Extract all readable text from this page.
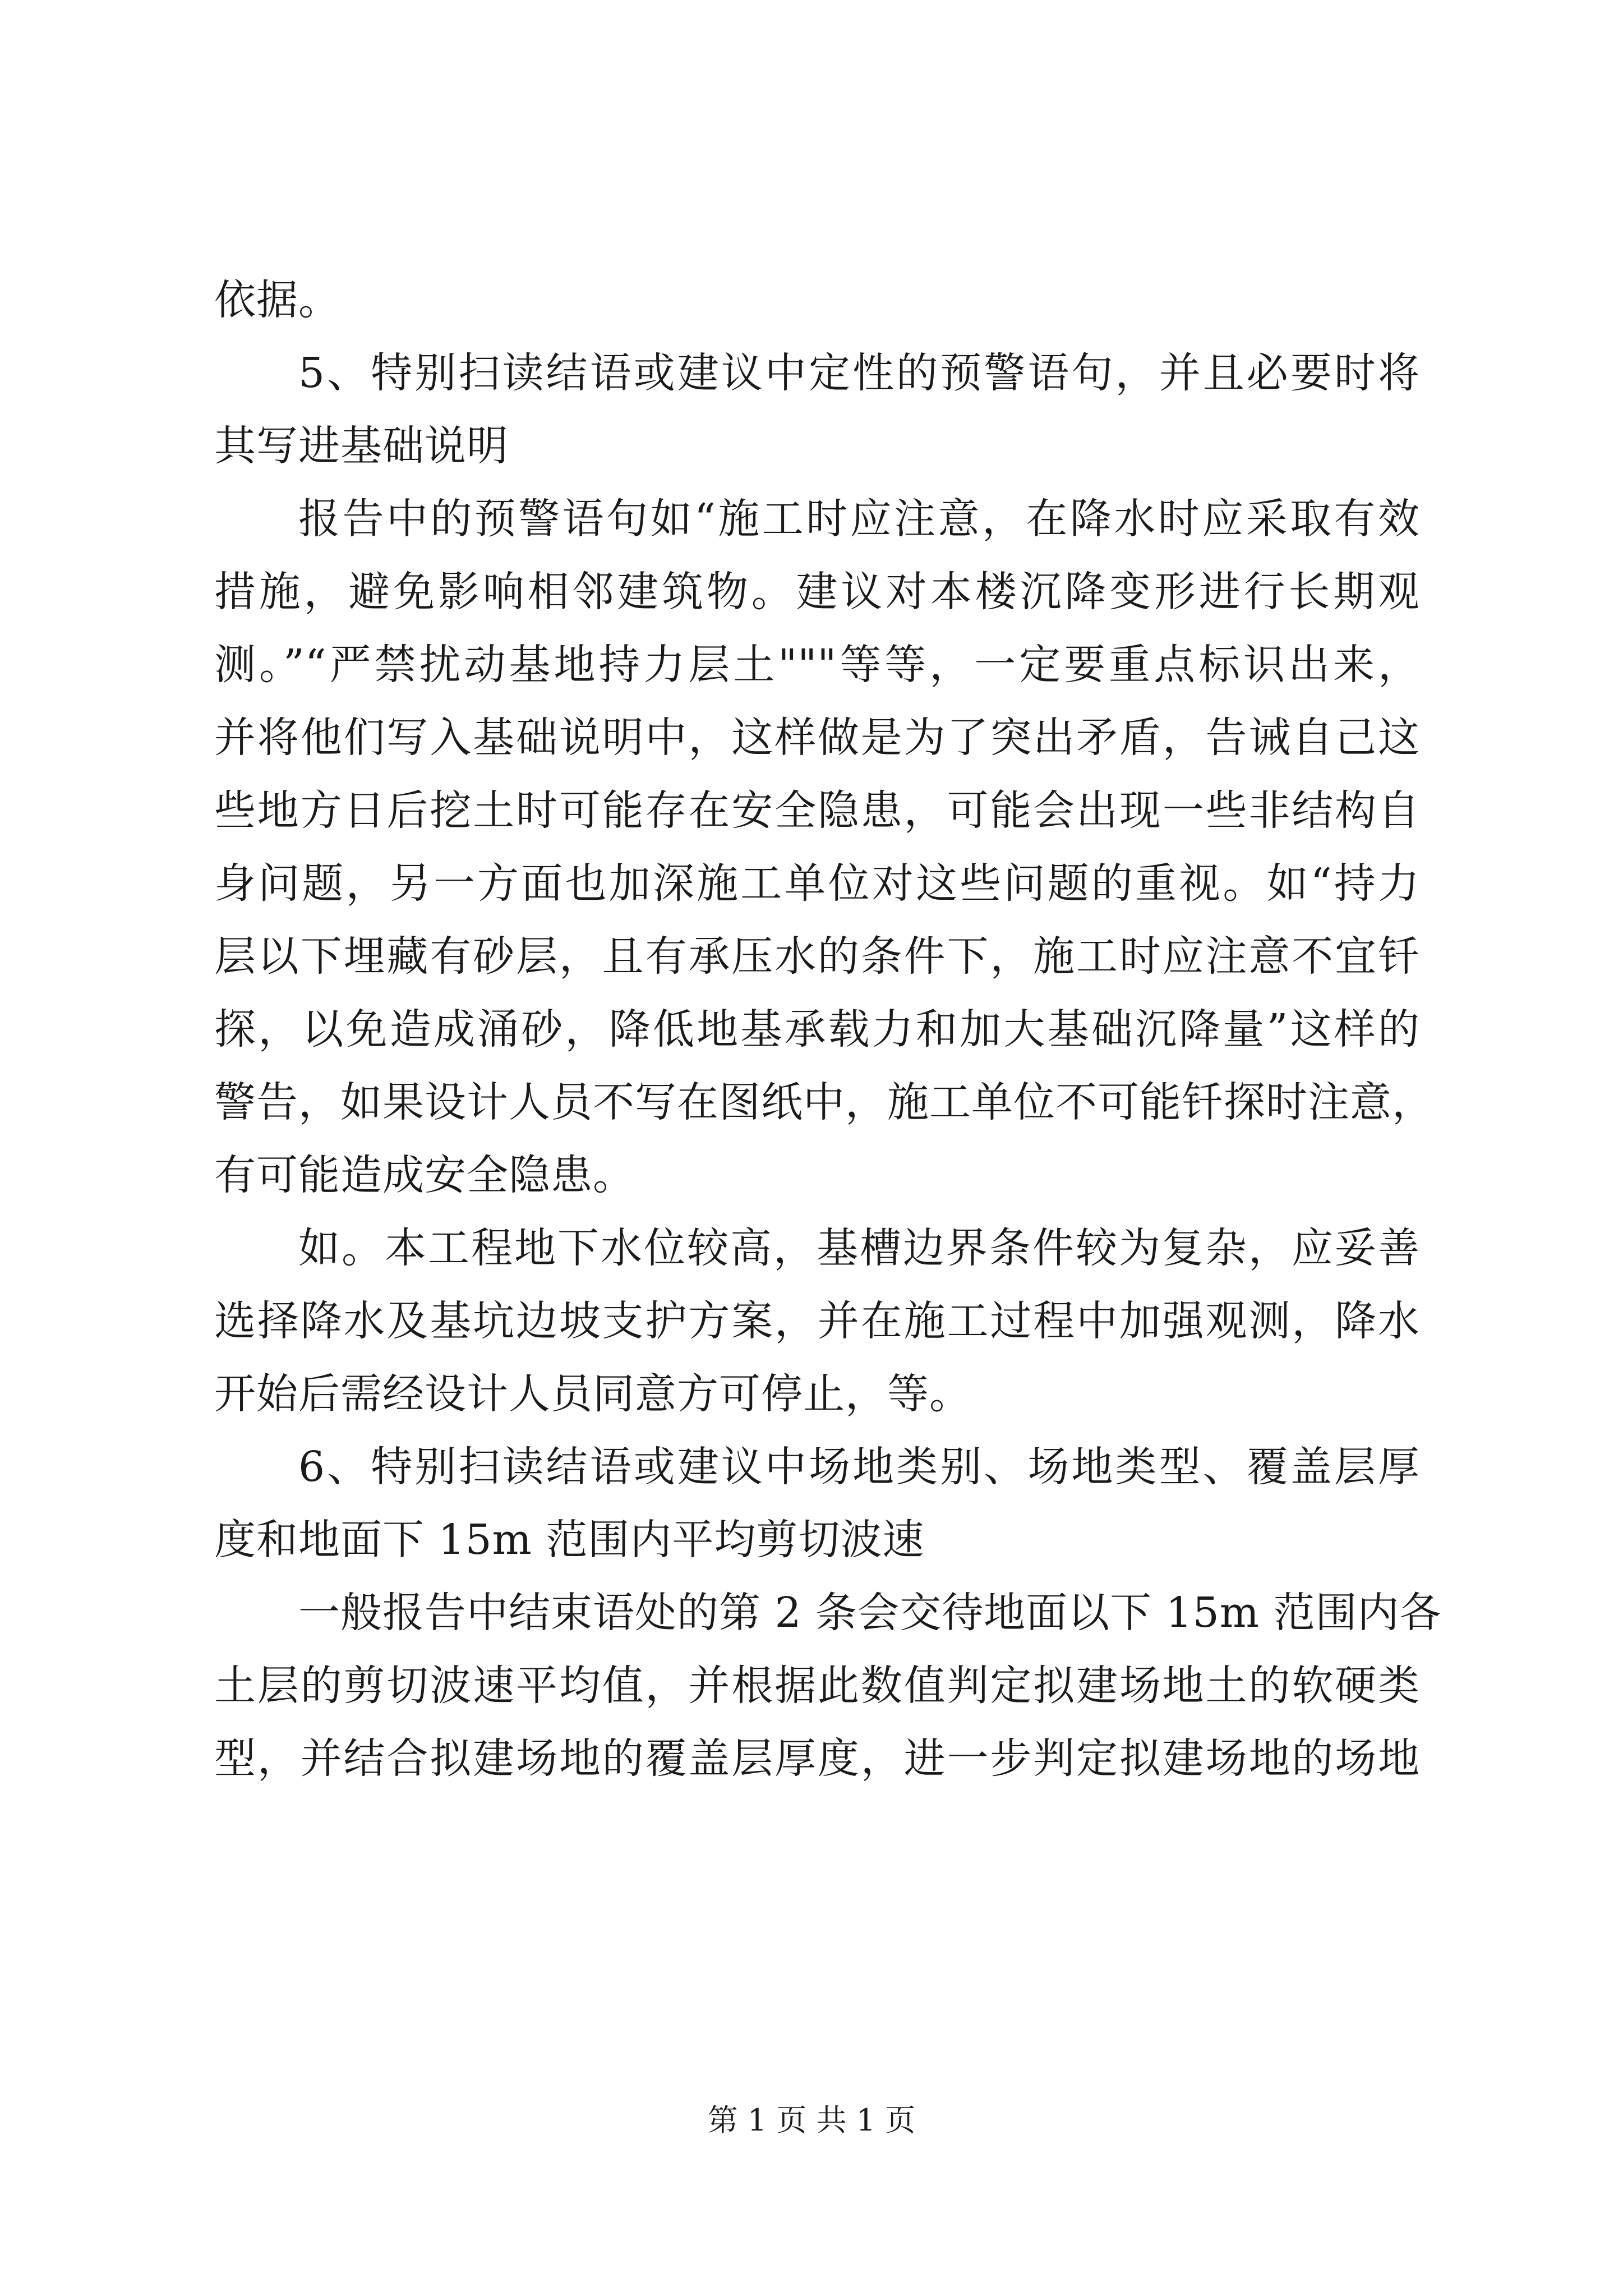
依据。
5、特别扫读结语或建议中定性的预警语句，并且必要时将
其写进基础说明
报告中的预警语句如“施工时应注意，在降水时应采取有效
措施，避免影响相邻建筑物。建议对本楼沉降变形进行长期观
测。”“严禁扰动基地持力层土"""等等，一定要重点标识出来，
并将他们写入基础说明中，这样做是为了突出矛盾，告诫自己这
些地方日后挖土时可能存在安全隐患，可能会出现一些非结构自
身问题，另一方面也加深施工单位对这些问题的重视。如“持力
层以下埋藏有砂层，且有承压水的条件下，施工时应注意不宜钎
探，以免造成涌砂，降低地基承载力和加大基础沉降量”这样的
警告，如果设计人员不写在图纸中，施工单位不可能钎探时注意，
有可能造成安全隐患。
如。本工程地下水位较高，基槽边界条件较为复杂，应妥善
选择降水及基坑边坡支护方案，并在施工过程中加强观测，降水
开始后需经设计人员同意方可停止，等。
6、特别扫读结语或建议中场地类别、场地类型、覆盖层厚
度和地面下 15m 范围内平均剪切波速
一般报告中结束语处的第 2 条会交待地面以下 15m 范围内各
土层的剪切波速平均值，并根据此数值判定拟建场地土的软硬类
型，并结合拟建场地的覆盖层厚度，进一步判定拟建场地的场地
第 1 页 共 1 页
